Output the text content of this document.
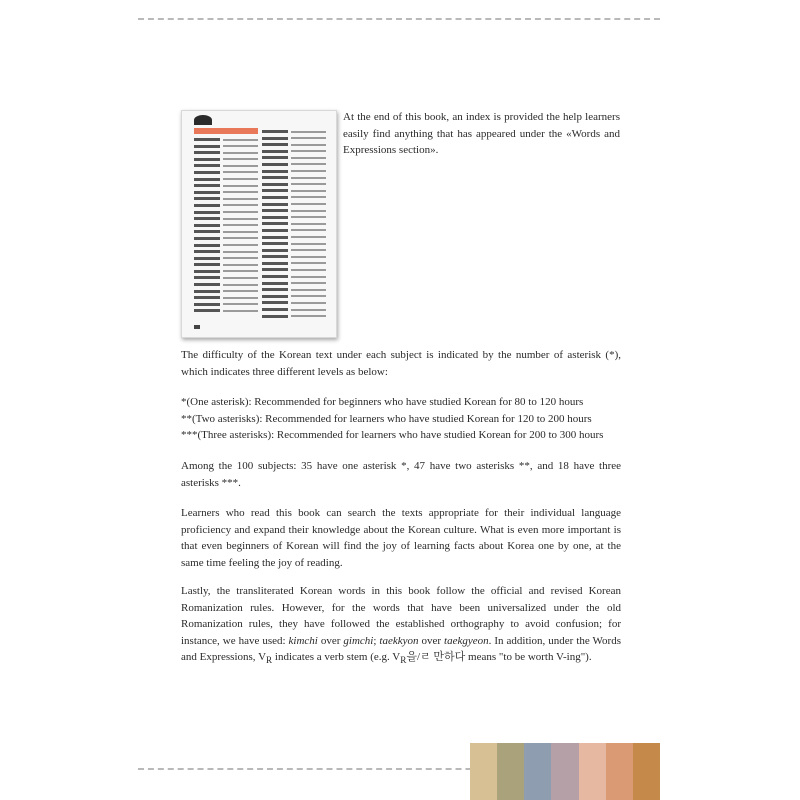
At the end of this book, an index is provided the help learners easily find anything that has appeared under the «Words and Expressions section».
The difficulty of the Korean text under each subject is indicated by the number of asterisk (*), which indicates three different levels as below:
*(One asterisk): Recommended for beginners who have studied Korean for 80 to 120 hours
**(Two asterisks): Recommended for learners who have studied Korean for 120 to 200 hours
***(Three asterisks): Recommended for learners who have studied Korean for 200 to 300 hours
Among the 100 subjects: 35 have one asterisk *, 47 have two asterisks **, and 18 have three asterisks ***.
Learners who read this book can search the texts appropriate for their individual language proficiency and expand their knowledge about the Korean culture. What is even more important is that even beginners of Korean will find the joy of learning facts about Korea one by one, at the same time feeling the joy of reading.
Lastly, the transliterated Korean words in this book follow the official and revised Korean Romanization rules. However, for the words that have been universalized under the old Romanization rules, they have followed the established orthography to avoid confusion; for instance, we have used: kimchi over gimchi; taekkyon over taekgyeon. In addition, under the Words and Expressions, $V_R$ indicates a verb stem (e.g. $V_R$을/ㄹ 만하다 means "to be worth V-ing").
